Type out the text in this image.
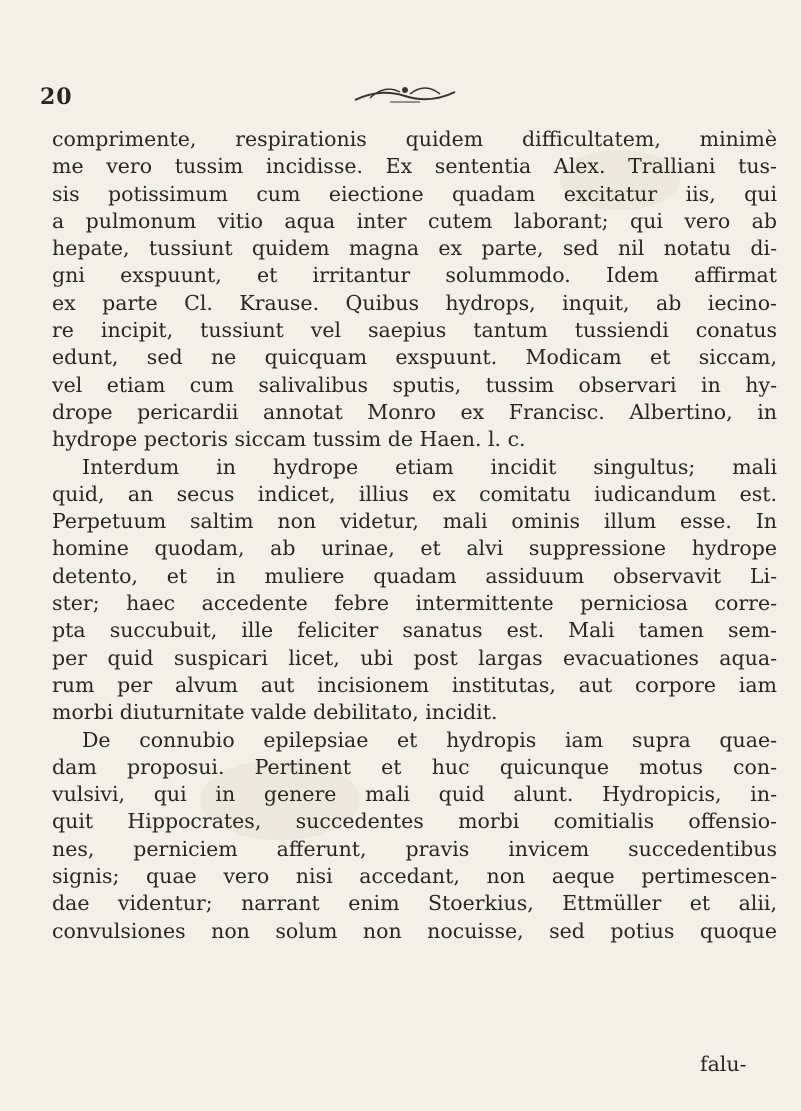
20
comprimente, respirationis quidem difficultatem, minimè
me vero tussim incidisse. Ex sententia Alex. Tralliani tus-
sis potissimum cum eiectione quadam excitatur iis, qui
a pulmonum vitio aqua inter cutem laborant; qui vero ab
hepate, tussiunt quidem magna ex parte, sed nil notatu di-
gni exspuunt, et irritantur solummodo. Idem affirmat
ex parte Cl. Krause. Quibus hydrops, inquit, ab iecino-
re incipit, tussiunt vel saepius tantum tussiendi conatus
edunt, sed ne quicquam exspuunt. Modicam et siccam,
vel etiam cum salivalibus sputis, tussim observari in hy-
drope pericardii annotat Monro ex Francisc. Albertino, in
hydrope pectoris siccam tussim de Haen. l. c.
Interdum in hydrope etiam incidit singultus; mali
quid, an secus indicet, illius ex comitatu iudicandum est.
Perpetuum saltim non videtur, mali ominis illum esse. In
homine quodam, ab urinae, et alvi suppressione hydrope
detento, et in muliere quadam assiduum observavit Li-
ster; haec accedente febre intermittente perniciosa corre-
pta succubuit, ille feliciter sanatus est. Mali tamen sem-
per quid suspicari licet, ubi post largas evacuationes aqua-
rum per alvum aut incisionem institutas, aut corpore iam
morbi diuturnitate valde debilitato, incidit.
De connubio epilepsiae et hydropis iam supra quae-
dam proposui. Pertinent et huc quicunque motus con-
vulsivi, qui in genere mali quid alunt. Hydropicis, in-
quit Hippocrates, succedentes morbi comitialis offensio-
nes, perniciem afferunt, pravis invicem succedentibus
signis; quae vero nisi accedant, non aeque pertimescen-
dae videntur; narrant enim Stoerkius, Ettmüller et alii,
convulsiones non solum non nocuisse, sed potius quoque
falu-
